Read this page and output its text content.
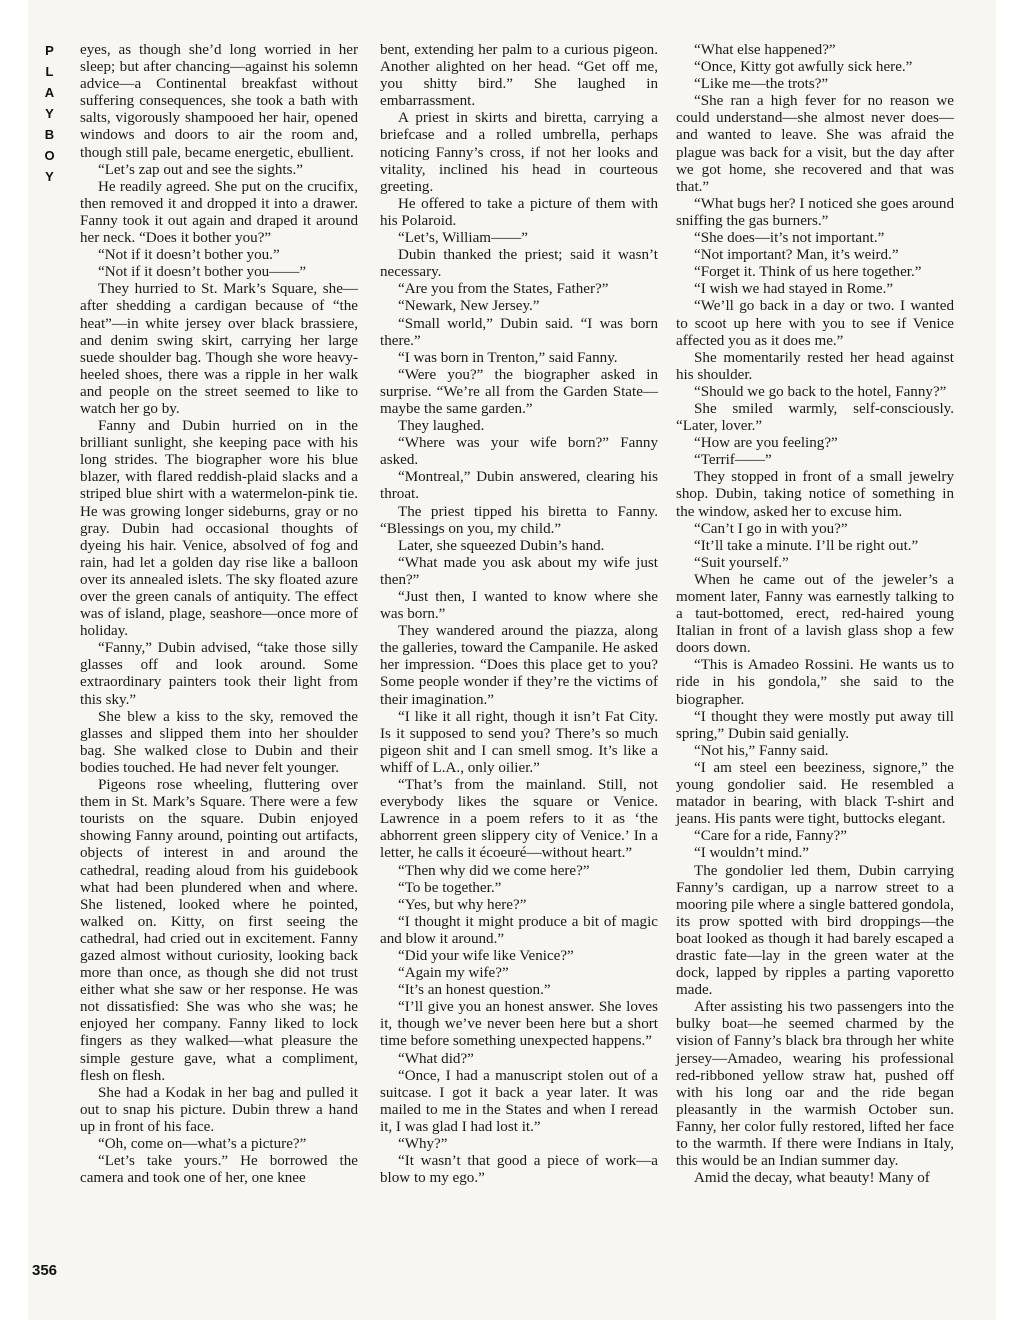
P
L
A
Y
B
O
Y

eyes, as though she’d long worried in her sleep; but after chancing—against his solemn advice—a Continental breakfast without suffering consequences, she took a bath with salts, vigorously shampooed her hair, opened windows and doors to air the room and, though still pale, became energetic, ebullient.

“Let’s zap out and see the sights.”

He readily agreed. She put on the crucifix, then removed it and dropped it into a drawer. Fanny took it out again and draped it around her neck. “Does it bother you?”

“Not if it doesn’t bother you.”

“Not if it doesn’t bother you——”

They hurried to St. Mark’s Square, she—after shedding a cardigan because of “the heat”—in white jersey over black brassiere, and denim swing skirt, carrying her large suede shoulder bag. Though she wore heavy-heeled shoes, there was a ripple in her walk and people on the street seemed to like to watch her go by.

Fanny and Dubin hurried on in the brilliant sunlight, she keeping pace with his long strides. The biographer wore his blue blazer, with flared reddish-plaid slacks and a striped blue shirt with a watermelon-pink tie. He was growing longer sideburns, gray or no gray. Dubin had occasional thoughts of dyeing his hair. Venice, absolved of fog and rain, had let a golden day rise like a balloon over its annealed islets. The sky floated azure over the green canals of antiquity. The effect was of island, plage, seashore—once more of holiday.

“Fanny,” Dubin advised, “take those silly glasses off and look around. Some extraordinary painters took their light from this sky.”

She blew a kiss to the sky, removed the glasses and slipped them into her shoulder bag. She walked close to Dubin and their bodies touched. He had never felt younger.

Pigeons rose wheeling, fluttering over them in St. Mark’s Square. There were a few tourists on the square. Dubin enjoyed showing Fanny around, pointing out artifacts, objects of interest in and around the cathedral, reading aloud from his guidebook what had been plundered when and where. She listened, looked where he pointed, walked on. Kitty, on first seeing the cathedral, had cried out in excitement. Fanny gazed almost without curiosity, looking back more than once, as though she did not trust either what she saw or her response. He was not dissatisfied: She was who she was; he enjoyed her company. Fanny liked to lock fingers as they walked—what pleasure the simple gesture gave, what a compliment, flesh on flesh.

She had a Kodak in her bag and pulled it out to snap his picture. Dubin threw a hand up in front of his face.

“Oh, come on—what’s a picture?”

“Let’s take yours.” He borrowed the camera and took one of her, one knee

bent, extending her palm to a curious pigeon. Another alighted on her head. “Get off me, you shitty bird.” She laughed in embarrassment.

A priest in skirts and biretta, carrying a briefcase and a rolled umbrella, perhaps noticing Fanny’s cross, if not her looks and vitality, inclined his head in courteous greeting.

He offered to take a picture of them with his Polaroid.

“Let’s, William——”

Dubin thanked the priest; said it wasn’t necessary.

“Are you from the States, Father?”

“Newark, New Jersey.”

“Small world,” Dubin said. “I was born there.”

“I was born in Trenton,” said Fanny.

“Were you?” the biographer asked in surprise. “We’re all from the Garden State—maybe the same garden.”

They laughed.

“Where was your wife born?” Fanny asked.

“Montreal,” Dubin answered, clearing his throat.

The priest tipped his biretta to Fanny. “Blessings on you, my child.”

Later, she squeezed Dubin’s hand.

“What made you ask about my wife just then?”

“Just then, I wanted to know where she was born.”

They wandered around the piazza, along the galleries, toward the Campanile. He asked her impression. “Does this place get to you? Some people wonder if they’re the victims of their imagination.”

“I like it all right, though it isn’t Fat City. Is it supposed to send you? There’s so much pigeon shit and I can smell smog. It’s like a whiff of L.A., only oilier.”

“That’s from the mainland. Still, not everybody likes the square or Venice. Lawrence in a poem refers to it as ‘the abhorrent green slippery city of Venice.’ In a letter, he calls it écoeuré—without heart.”

“Then why did we come here?”

“To be together.”

“Yes, but why here?”

“I thought it might produce a bit of magic and blow it around.”

“Did your wife like Venice?”

“Again my wife?”

“It’s an honest question.”

“I’ll give you an honest answer. She loves it, though we’ve never been here but a short time before something unexpected happens.”

“What did?”

“Once, I had a manuscript stolen out of a suitcase. I got it back a year later. It was mailed to me in the States and when I reread it, I was glad I had lost it.”

“Why?”

“It wasn’t that good a piece of work—a blow to my ego.”

“What else happened?”

“Once, Kitty got awfully sick here.”

“Like me—the trots?”

“She ran a high fever for no reason we could understand—she almost never does—and wanted to leave. She was afraid the plague was back for a visit, but the day after we got home, she recovered and that was that.”

“What bugs her? I noticed she goes around sniffing the gas burners.”

“She does—it’s not important.”

“Not important? Man, it’s weird.”

“Forget it. Think of us here together.”

“I wish we had stayed in Rome.”

“We’ll go back in a day or two. I wanted to scoot up here with you to see if Venice affected you as it does me.”

She momentarily rested her head against his shoulder.

“Should we go back to the hotel, Fanny?”

She smiled warmly, self-consciously. “Later, lover.”

“How are you feeling?”

“Terrif——”

They stopped in front of a small jewelry shop. Dubin, taking notice of something in the window, asked her to excuse him.

“Can’t I go in with you?”

“It’ll take a minute. I’ll be right out.”

“Suit yourself.”

When he came out of the jeweler’s a moment later, Fanny was earnestly talking to a taut-bottomed, erect, red-haired young Italian in front of a lavish glass shop a few doors down.

“This is Amadeo Rossini. He wants us to ride in his gondola,” she said to the biographer.

“I thought they were mostly put away till spring,” Dubin said genially.

“Not his,” Fanny said.

“I am steel een beeziness, signore,” the young gondolier said. He resembled a matador in bearing, with black T-shirt and jeans. His pants were tight, buttocks elegant.

“Care for a ride, Fanny?”

“I wouldn’t mind.”

The gondolier led them, Dubin carrying Fanny’s cardigan, up a narrow street to a mooring pile where a single battered gondola, its prow spotted with bird droppings—the boat looked as though it had barely escaped a drastic fate—lay in the green water at the dock, lapped by ripples a parting vaporetto made.

After assisting his two passengers into the bulky boat—he seemed charmed by the vision of Fanny’s black bra through her white jersey—Amadeo, wearing his professional red-ribboned yellow straw hat, pushed off with his long oar and the ride began pleasantly in the warmish October sun. Fanny, her color fully restored, lifted her face to the warmth. If there were Indians in Italy, this would be an Indian summer day.

Amid the decay, what beauty! Many of

356
